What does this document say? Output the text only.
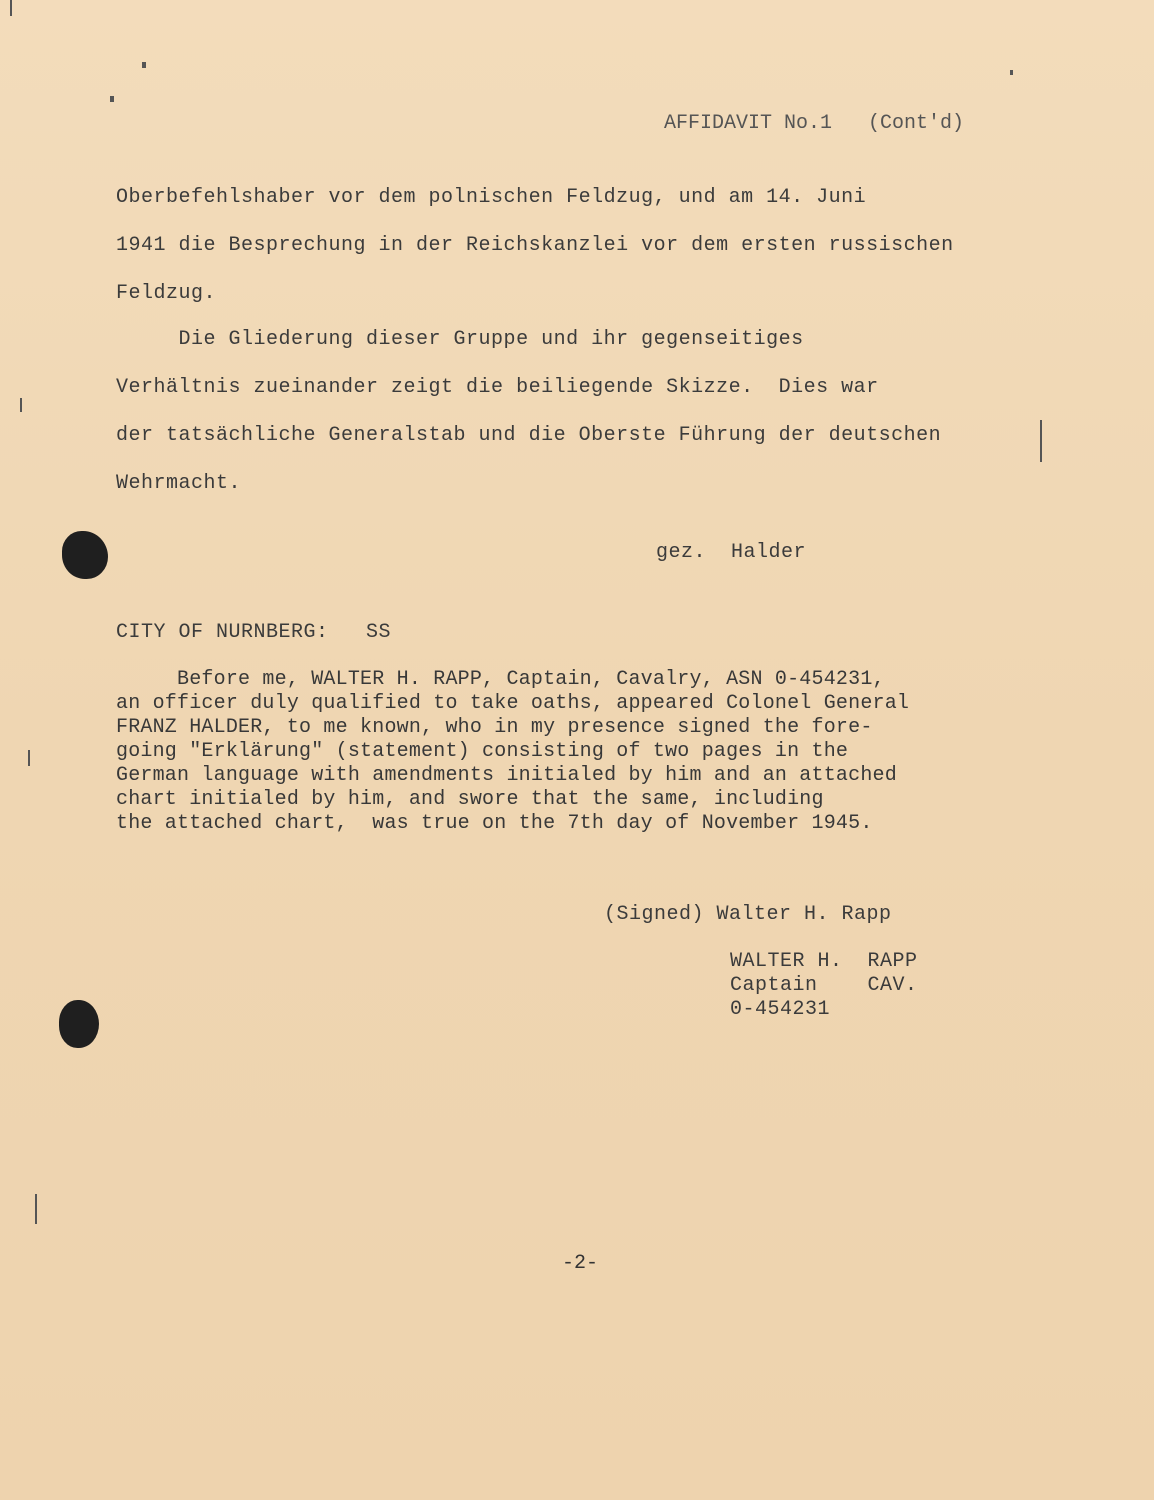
AFFIDAVIT No.1 (Cont'd)
Oberbefehlshaber vor dem polnischen Feldzug, und am 14. Juni
1941 die Besprechung in der Reichskanzlei vor dem ersten russischen
Feldzug.
Die Gliederung dieser Gruppe und ihr gegenseitiges
Verhältnis zueinander zeigt die beiliegende Skizze.  Dies war
der tatsächliche Generalstab und die Oberste Führung der deutschen
Wehrmacht.
gez.  Halder
CITY OF NURNBERG:   SS
Before me, WALTER H. RAPP, Captain, Cavalry, ASN 0-454231,
an officer duly qualified to take oaths, appeared Colonel General
FRANZ HALDER, to me known, who in my presence signed the fore-
going "Erklärung" (statement) consisting of two pages in the
German language with amendments initialed by him and an attached
chart initialed by him, and swore that the same, including
the attached chart,  was true on the 7th day of November 1945.
(Signed) Walter H. Rapp
WALTER H.  RAPP
Captain    CAV.
0-454231
-2-
